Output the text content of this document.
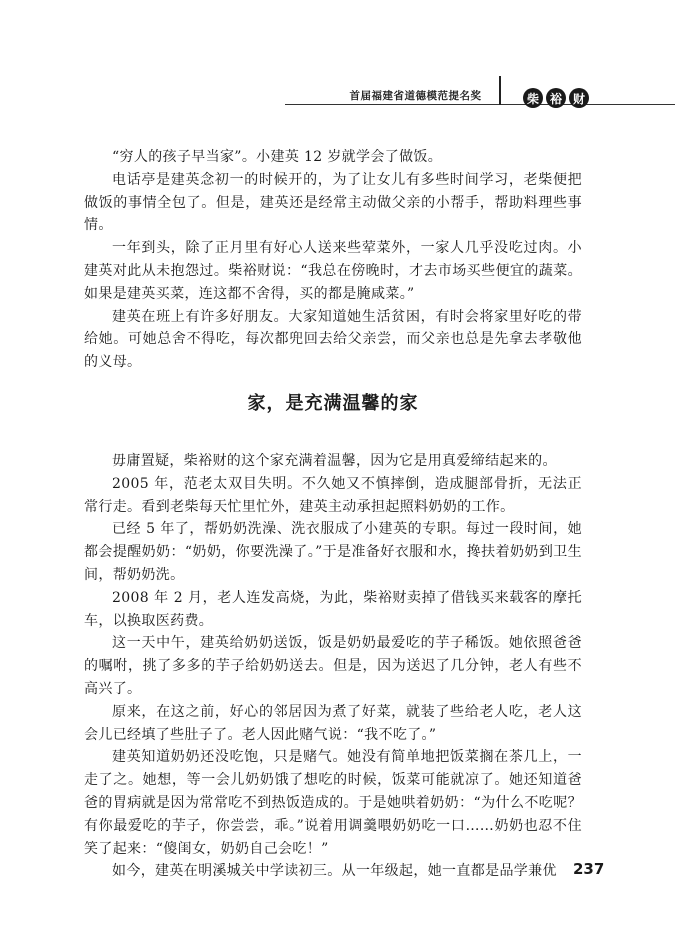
首届福建省道德模范提名奖	柴 裕 财

“穷人的孩子早当家”。小建英 12 岁就学会了做饭。

电话亭是建英念初一的时候开的，为了让女儿有多些时间学习，老柴便把做饭的事情全包了。但是，建英还是经常主动做父亲的小帮手，帮助料理些事情。

一年到头，除了正月里有好心人送来些荤菜外，一家人几乎没吃过肉。小建英对此从未抱怨过。柴裕财说：“我总在傍晚时，才去市场买些便宜的蔬菜。如果是建英买菜，连这都不舍得，买的都是腌咸菜。”

建英在班上有许多好朋友。大家知道她生活贫困，有时会将家里好吃的带给她。可她总舍不得吃，每次都兜回去给父亲尝，而父亲也总是先拿去孝敬他的义母。

家，是充满温馨的家

毋庸置疑，柴裕财的这个家充满着温馨，因为它是用真爱缔结起来的。

2005 年，范老太双目失明。不久她又不慎摔倒，造成腿部骨折，无法正常行走。看到老柴每天忙里忙外，建英主动承担起照料奶奶的工作。

已经 5 年了，帮奶奶洗澡、洗衣服成了小建英的专职。每过一段时间，她都会提醒奶奶：“奶奶，你要洗澡了。”于是准备好衣服和水，搀扶着奶奶到卫生间，帮奶奶洗。

2008 年 2 月，老人连发高烧，为此，柴裕财卖掉了借钱买来载客的摩托车，以换取医药费。

这一天中午，建英给奶奶送饭，饭是奶奶最爱吃的芋子稀饭。她依照爸爸的嘱咐，挑了多多的芋子给奶奶送去。但是，因为送迟了几分钟，老人有些不高兴了。

原来，在这之前，好心的邻居因为煮了好菜，就装了些给老人吃，老人这会儿已经填了些肚子了。老人因此赌气说：“我不吃了。”

建英知道奶奶还没吃饱，只是赌气。她没有简单地把饭菜搁在茶几上，一走了之。她想，等一会儿奶奶饿了想吃的时候，饭菜可能就凉了。她还知道爸爸的胃病就是因为常常吃不到热饭造成的。于是她哄着奶奶：“为什么不吃呢？有你最爱吃的芋子，你尝尝，乖。”说着用调羹喂奶奶吃一口……奶奶也忍不住笑了起来：“傻闺女，奶奶自己会吃！”

如今，建英在明溪城关中学读初三。从一年级起，她一直都是品学兼优	237
